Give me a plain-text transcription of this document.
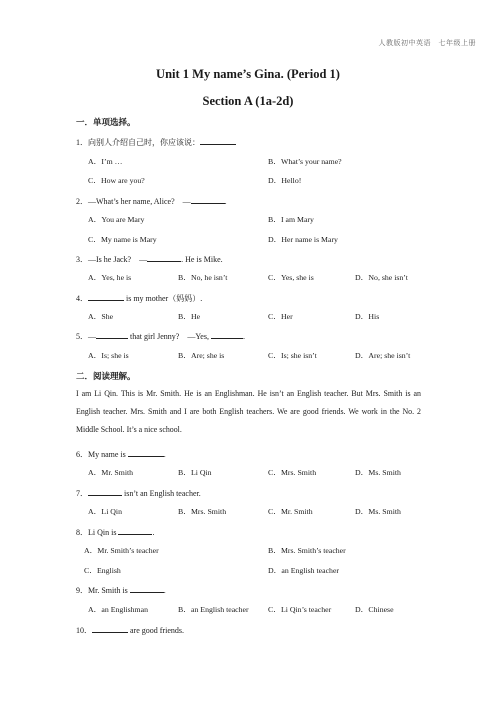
人教版初中英语　七年级上册
Unit 1 My name’s Gina. (Period 1)
Section A (1a-2d)
一．单项选择。
1．向别人介绍自己时，你应该说：
A．I’m …	B．What’s your name?
C．How are you?	D．Hello!
2．—What’s her name, Alice?　—	.
A．You are Mary	B．I am Mary
C．My name is Mary	D．Her name is Mary
3．—Is he Jack?　—	. He is Mike.
A．Yes, he is	B．No, he isn’t	C．Yes, she is	D．No, she isn’t
4．	is my mother（妈妈）.
A．She	B．He	C．Her	D．His
5．—	that girl Jenny?　—Yes,	.
A．Is; she is	B．Are; she is	C．Is; she isn’t	D．Are; she isn’t
二．阅读理解。
I am Li Qin. This is Mr. Smith. He is an Englishman. He isn’t an English teacher. But Mrs. Smith is an English teacher. Mrs. Smith and I are both English teachers. We are good friends. We work in the No. 2 Middle School. It’s a nice school.
6．My name is	.
A．Mr. Smith	B．Li Qin	C．Mrs. Smith	D．Ms. Smith
7．	isn’t an English teacher.
A．Li Qin	B．Mrs. Smith	C．Mr. Smith	D．Ms. Smith
8．Li Qin is	.
A．Mr. Smith’s teacher	B．Mrs. Smith’s teacher
C．English	D．an English teacher
9．Mr. Smith is	.
A．an Englishman	B．an English teacher C．Li Qin’s teacher	D．Chinese
10．	are good friends.
